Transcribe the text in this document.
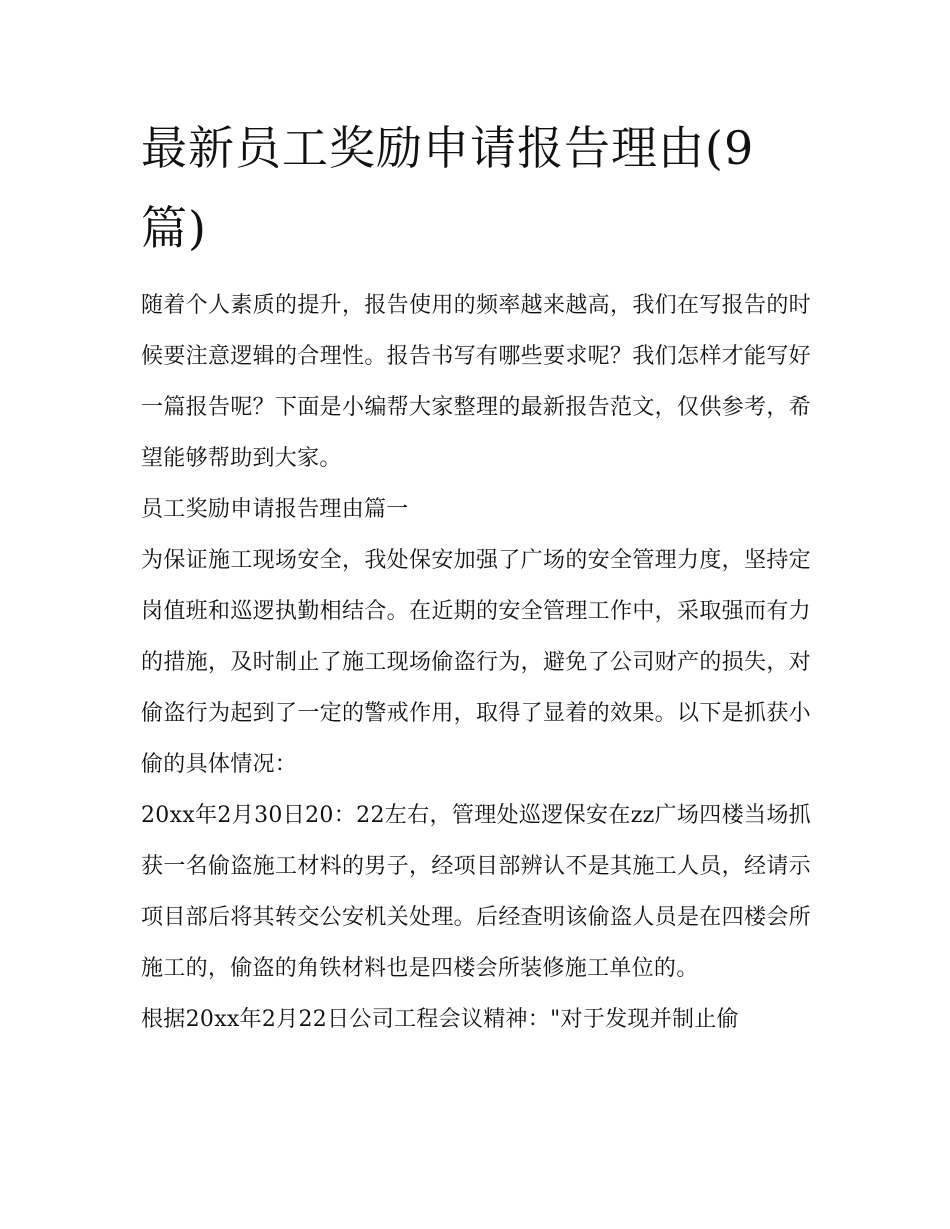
最新员工奖励申请报告理由(9篇)

随着个人素质的提升，报告使用的频率越来越高，我们在写报告的时候要注意逻辑的合理性。报告书写有哪些要求呢？我们怎样才能写好一篇报告呢？下面是小编帮大家整理的最新报告范文，仅供参考，希望能够帮助到大家。

员工奖励申请报告理由篇一

为保证施工现场安全，我处保安加强了广场的安全管理力度，坚持定岗值班和巡逻执勤相结合。在近期的安全管理工作中，采取强而有力的措施，及时制止了施工现场偷盗行为，避免了公司财产的损失，对偷盗行为起到了一定的警戒作用，取得了显着的效果。以下是抓获小偷的具体情况：

20xx年2月30日20：22左右，管理处巡逻保安在zz广场四楼当场抓获一名偷盗施工材料的男子，经项目部辨认不是其施工人员，经请示项目部后将其转交公安机关处理。后经查明该偷盗人员是在四楼会所施工的，偷盗的角铁材料也是四楼会所装修施工单位的。

根据20xx年2月22日公司工程会议精神："对于发现并制止偷
